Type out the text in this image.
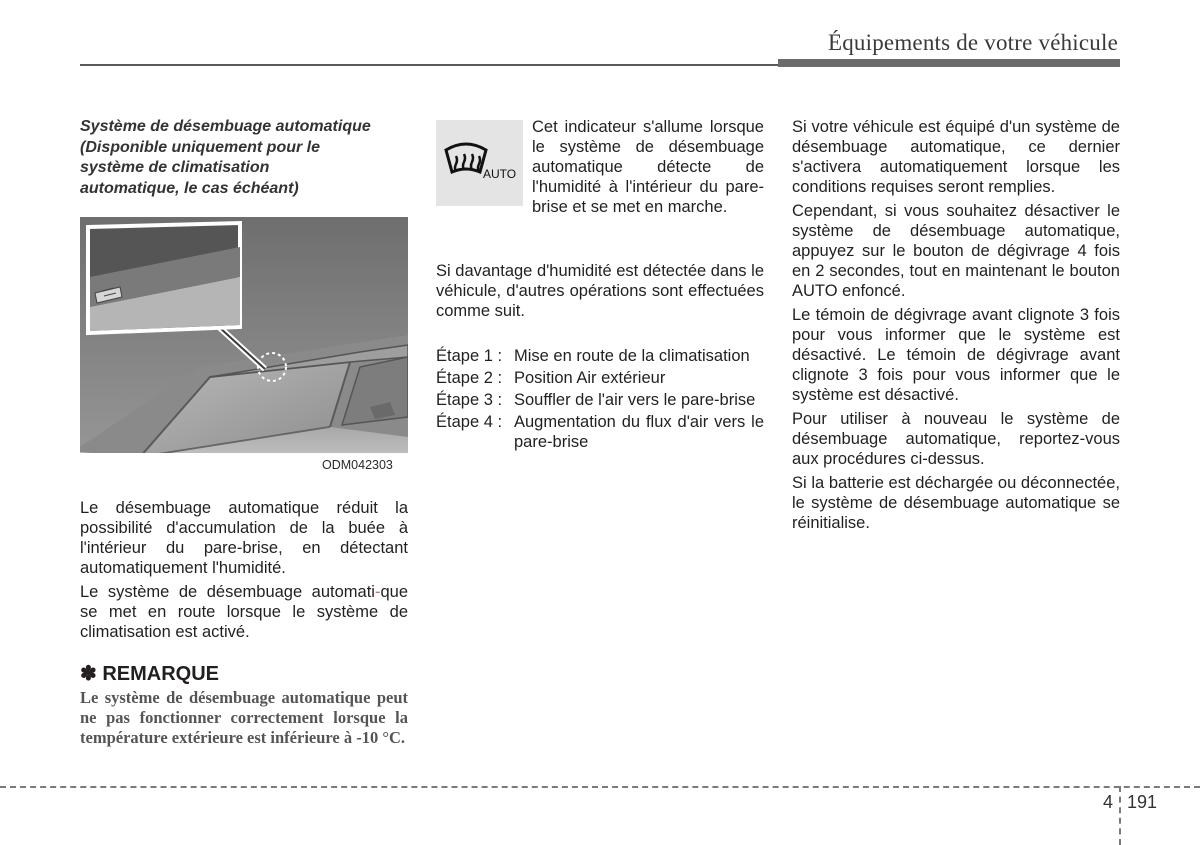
Équipements de votre véhicule
Système de désembuage automatique
(Disponible uniquement pour le
système de climatisation
automatique, le cas échéant)
ODM042303

Le désembuage automatique réduit la possibilité d'accumulation de la buée à l'intérieur du pare-brise, en détectant automatiquement l'humidité.

Le système de désembuage automati-que se met en route lorsque le système de climatisation est activé.

✽ REMARQUE
Le système de désembuage automatique peut ne pas fonctionner correctement lorsque la température extérieure est inférieure à -10 °C.
AUTO
Cet indicateur s'allume lorsque le système de désembuage automatique détecte de l'humidité à l'intérieur du pare-brise et se met en marche.
Si davantage d'humidité est détectée dans le véhicule, d'autres opérations sont effectuées comme suit.
Étape 1 : Mise en route de la climatisation
Étape 2 : Position Air extérieur
Étape 3 : Souffler de l'air vers le pare-brise
Étape 4 : Augmentation du flux d'air vers le pare-brise

Si votre véhicule est équipé d'un système de désembuage automatique, ce dernier s'activera automatiquement lorsque les conditions requises seront remplies.

Cependant, si vous souhaitez désactiver le système de désembuage automatique, appuyez sur le bouton de dégivrage 4 fois en 2 secondes, tout en maintenant le bouton AUTO enfoncé.

Le témoin de dégivrage avant clignote 3 fois pour vous informer que le système est désactivé. Le témoin de dégivrage avant clignote 3 fois pour vous informer que le système est désactivé.

Pour utiliser à nouveau le système de désembuage automatique, reportez-vous aux procédures ci-dessus.

Si la batterie est déchargée ou déconnectée, le système de désembuage automatique se réinitialise.

4 191
